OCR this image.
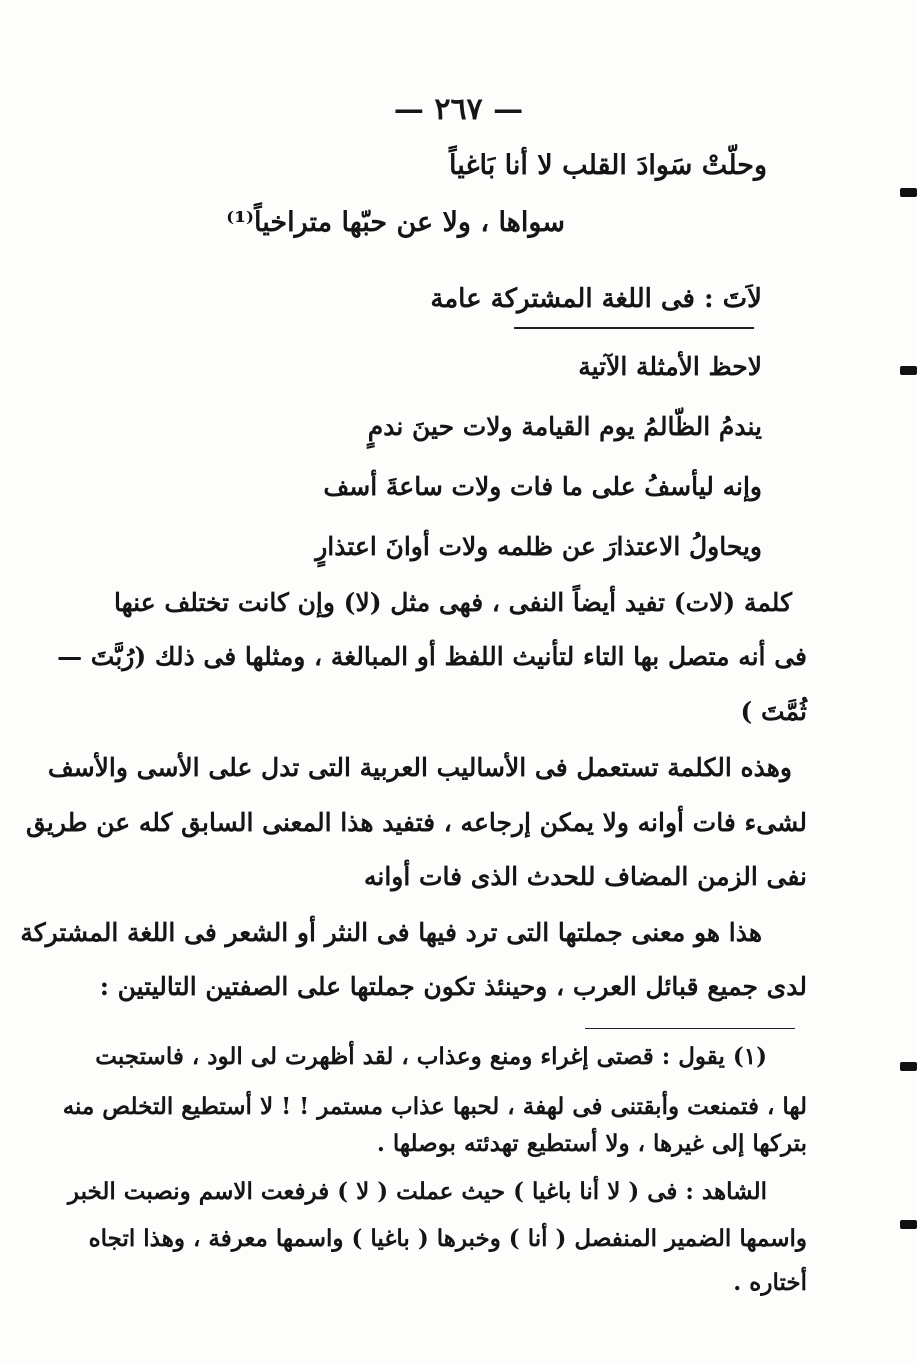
— ٢٦٧ —
وحلّتْ سَوادَ القلب لا أنا بَاغياً
سواها ، ولا عن حبّها متراخياً⁽¹⁾
لاَتَ : فى اللغة المشتركة عامة
لاحظ الأمثلة الآتية
يندمُ الظّالمُ يوم القيامة ولات حينَ ندمٍ
وإنه ليأسفُ على ما فات ولات ساعةَ أسف
ويحاولُ الاعتذارَ عن ظلمه ولات أوانَ اعتذارٍ
كلمة (لات) تفيد أيضاً النفى ، فهى مثل (لا) وإن كانت تختلف عنها
فى أنه متصل بها التاء لتأنيث اللفظ أو المبالغة ، ومثلها فى ذلك (رُبَّتَ —
ثُمَّتَ )
وهذه الكلمة تستعمل فى الأساليب العربية التى تدل على الأسى والأسف
لشىء فات أوانه ولا يمكن إرجاعه ، فتفيد هذا المعنى السابق كله عن طريق
نفى الزمن المضاف للحدث الذى فات أوانه
هذا هو معنى جملتها التى ترد فيها فى النثر أو الشعر فى اللغة المشتركة
لدى جميع قبائل العرب ، وحينئذ تكون جملتها على الصفتين التاليتين :
(١) يقول : قصتى إغراء ومنع وعذاب ، لقد أظهرت لى الود ، فاستجبت
لها ، فتمنعت وأبقتنى فى لهفة ، لحبها عذاب مستمر ! ! لا أستطيع التخلص منه
بتركها إلى غيرها ، ولا أستطيع تهدئته بوصلها .
الشاهد : فى ( لا أنا باغيا ) حيث عملت ( لا ) فرفعت الاسم ونصبت الخبر
واسمها الضمير المنفصل ( أنا ) وخبرها ( باغيا ) واسمها معرفة ، وهذا اتجاه
أختاره .
